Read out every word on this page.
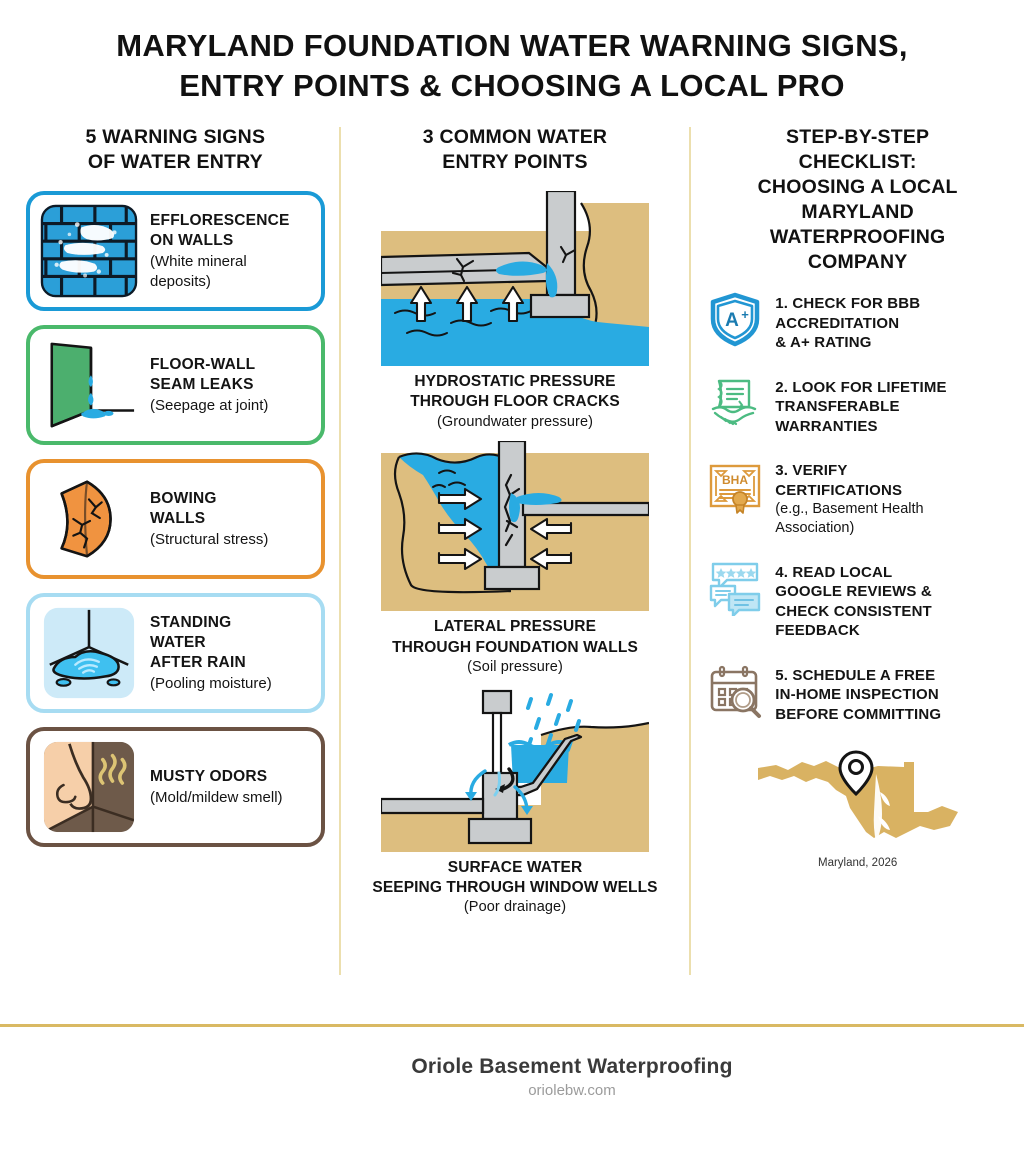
MARYLAND FOUNDATION WATER WARNING SIGNS,
ENTRY POINTS & CHOOSING A LOCAL PRO
5 WARNING SIGNS
OF WATER ENTRY
EFFLORESCENCE
ON WALLS
(White mineral
deposits)
FLOOR-WALL
SEAM LEAKS
(Seepage at joint)
BOWING
WALLS
(Structural stress)
STANDING
WATER
AFTER RAIN
(Pooling moisture)
MUSTY ODORS
(Mold/mildew smell)
3 COMMON WATER
ENTRY POINTS
HYDROSTATIC PRESSURE
THROUGH FLOOR CRACKS
(Groundwater pressure)
LATERAL PRESSURE
THROUGH FOUNDATION WALLS
(Soil pressure)
SURFACE WATER
SEEPING THROUGH WINDOW WELLS
(Poor drainage)
STEP-BY-STEP
CHECKLIST:
CHOOSING A LOCAL
MARYLAND
WATERPROOFING
COMPANY
A +
1. CHECK FOR BBB
ACCREDITATION
& A+ RATING
2. LOOK FOR LIFETIME
TRANSFERABLE
WARRANTIES
BHA
3. VERIFY
CERTIFICATIONS
(e.g., Basement Health
Association)
4. READ LOCAL
GOOGLE REVIEWS &
CHECK CONSISTENT
FEEDBACK
5. SCHEDULE A FREE
IN-HOME INSPECTION
BEFORE COMMITTING
Maryland, 2026
Oriole Basement Waterproofing
oriolebw.com
